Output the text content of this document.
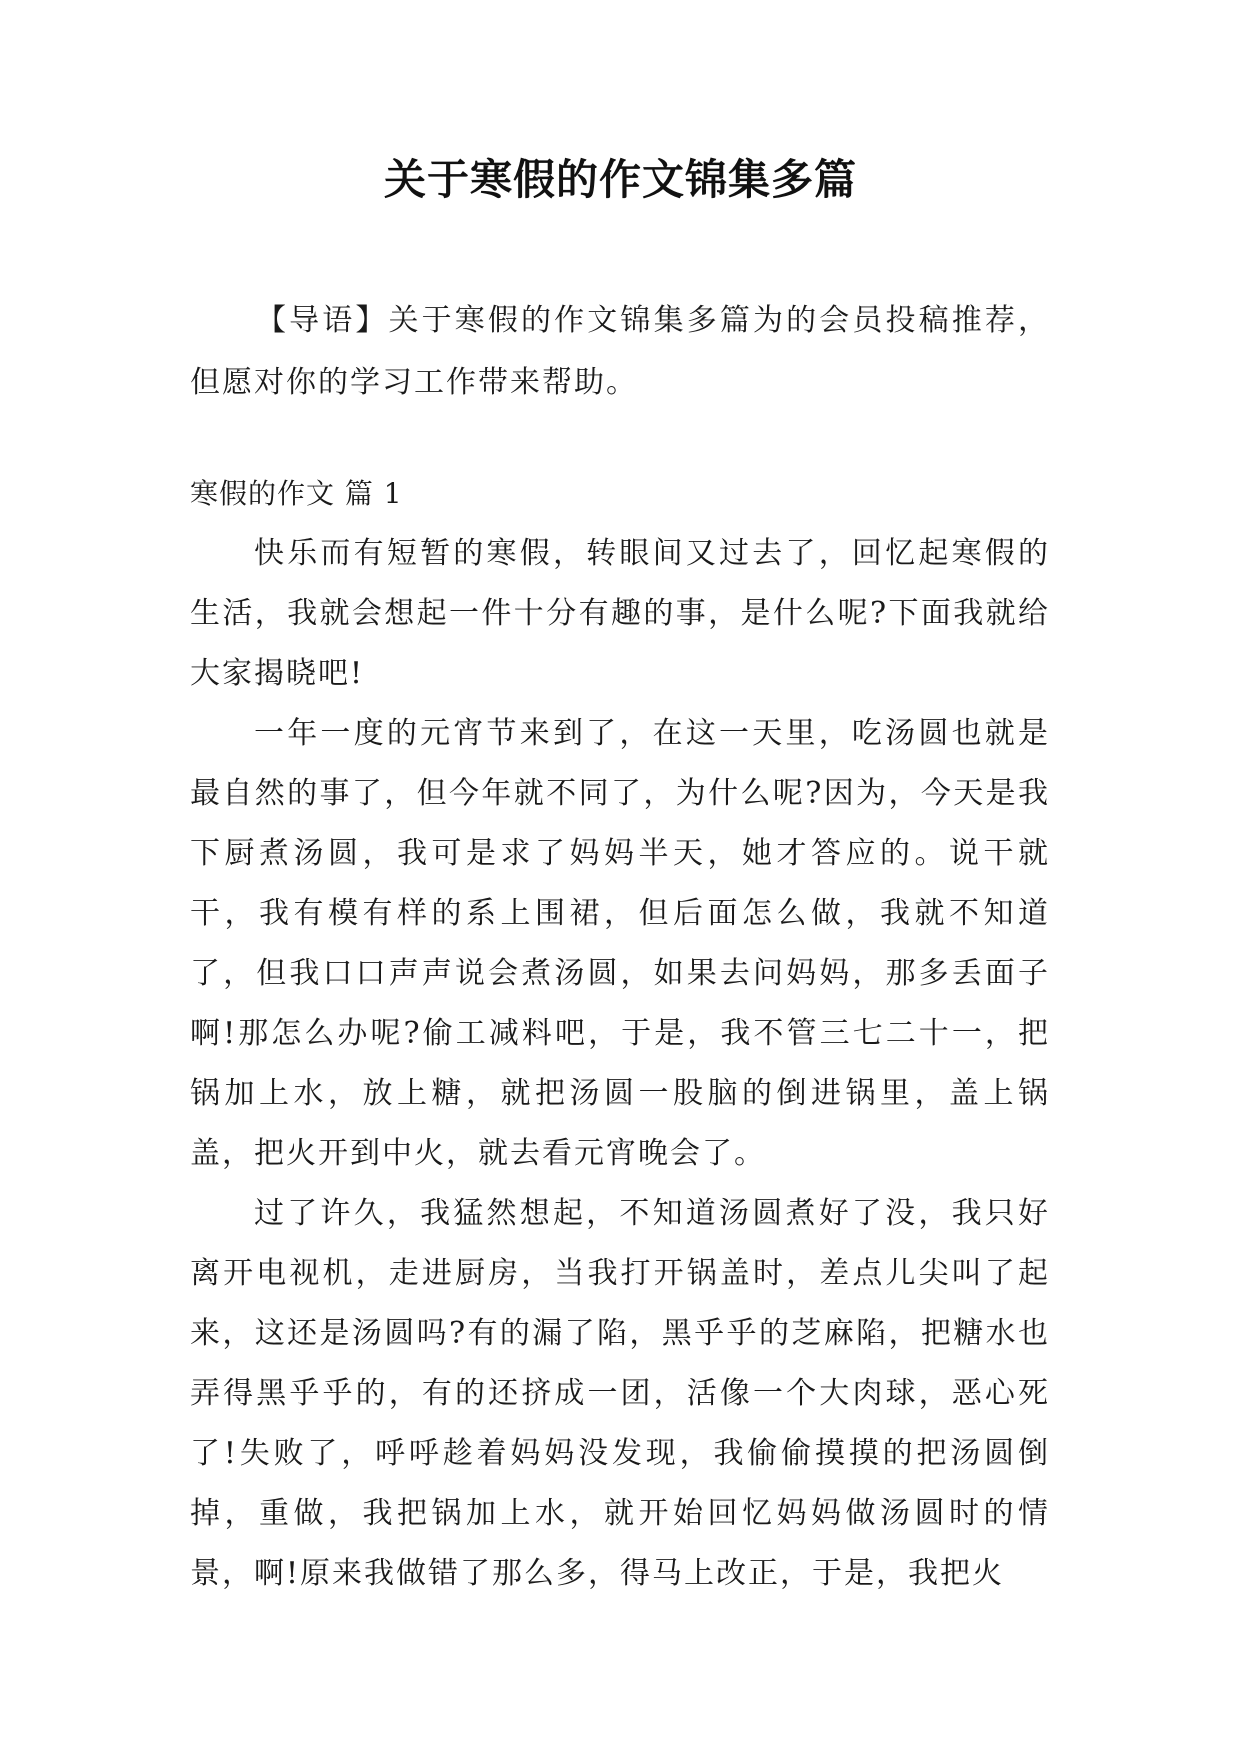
关于寒假的作文锦集多篇

【导语】关于寒假的作文锦集多篇为的会员投稿推荐，但愿对你的学习工作带来帮助。

寒假的作文 篇 1

快乐而有短暂的寒假，转眼间又过去了，回忆起寒假的生活，我就会想起一件十分有趣的事，是什么呢?下面我就给大家揭晓吧!

一年一度的元宵节来到了，在这一天里，吃汤圆也就是最自然的事了，但今年就不同了，为什么呢?因为，今天是我下厨煮汤圆，我可是求了妈妈半天，她才答应的。说干就干，我有模有样的系上围裙，但后面怎么做，我就不知道了，但我口口声声说会煮汤圆，如果去问妈妈，那多丢面子啊!那怎么办呢?偷工减料吧，于是，我不管三七二十一，把锅加上水，放上糖，就把汤圆一股脑的倒进锅里，盖上锅盖，把火开到中火，就去看元宵晚会了。

过了许久，我猛然想起，不知道汤圆煮好了没，我只好离开电视机，走进厨房，当我打开锅盖时，差点儿尖叫了起来，这还是汤圆吗?有的漏了陷，黑乎乎的芝麻陷，把糖水也弄得黑乎乎的，有的还挤成一团，活像一个大肉球，恶心死了!失败了，呼呼趁着妈妈没发现，我偷偷摸摸的把汤圆倒掉，重做，我把锅加上水，就开始回忆妈妈做汤圆时的情景，啊!原来我做错了那么多，得马上改正，于是，我把火
